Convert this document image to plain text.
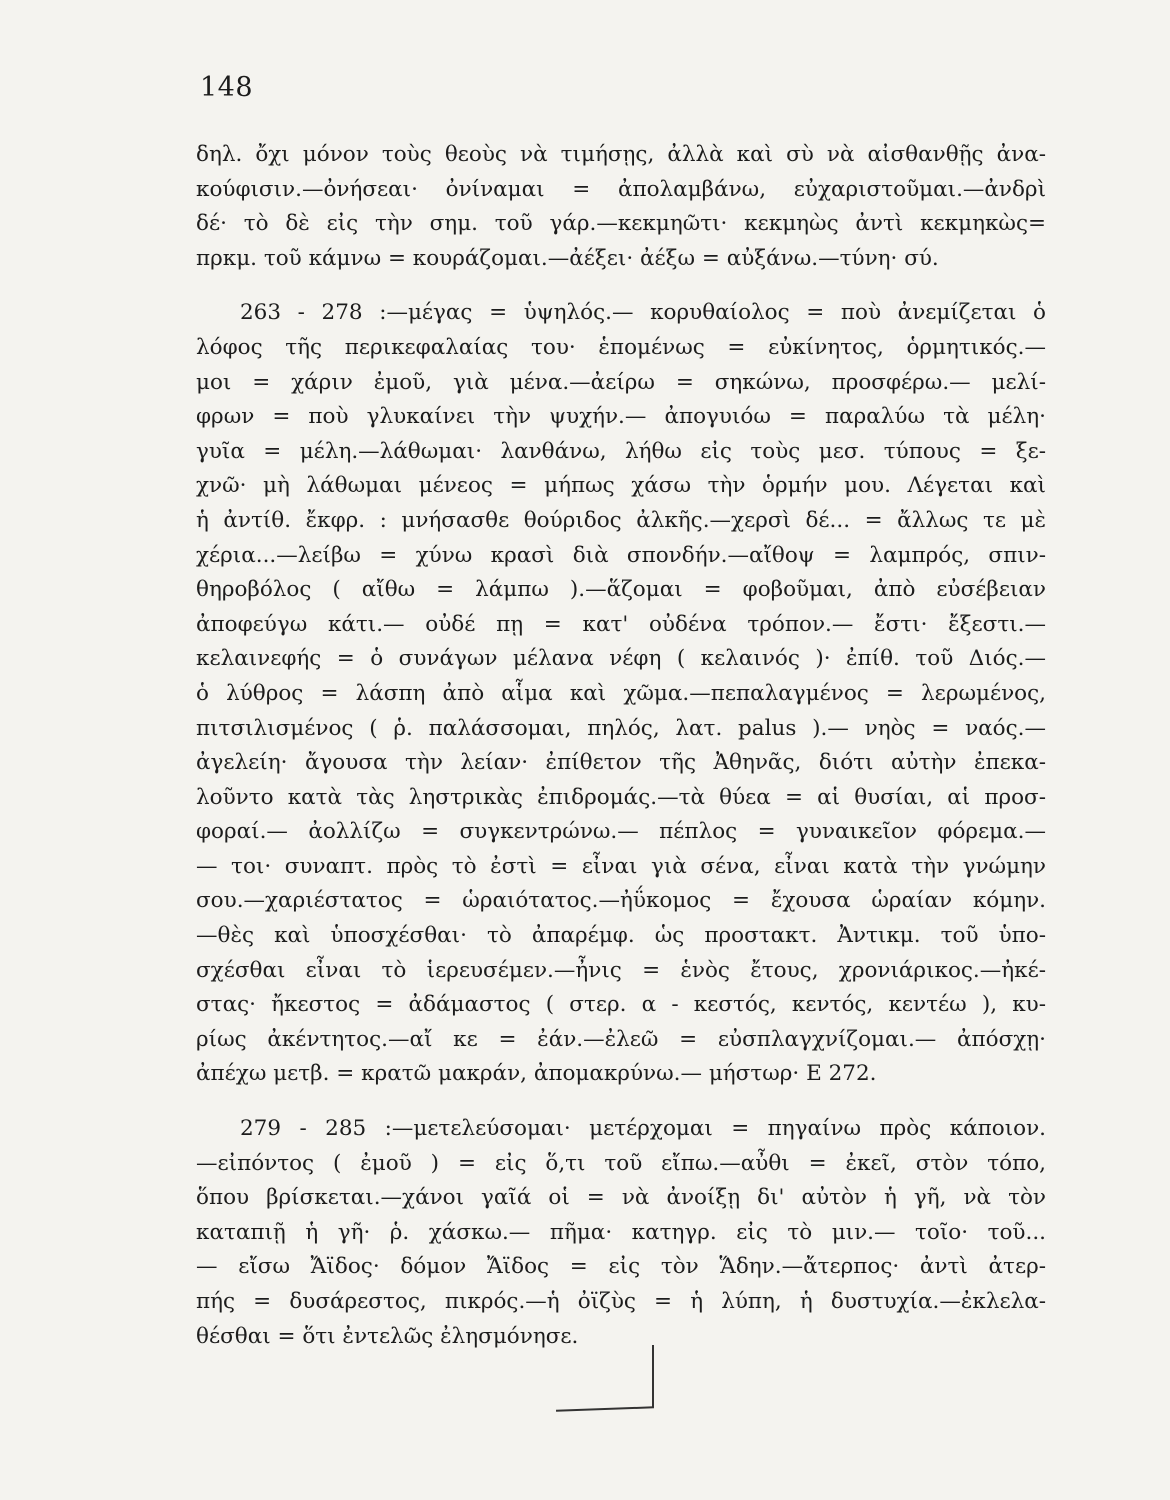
148
δηλ. ὄχι μόνον τοὺς θεοὺς νὰ τιμήσῃς, ἀλλὰ καὶ σὺ νὰ αἰσθανθῇς ἀνα-
κούφισιν.—ὀνήσεαι· ὀνίναμαι = ἀπολαμβάνω, εὐχαριστοῦμαι.—ἀνδρὶ
δέ· τὸ δὲ εἰς τὴν σημ. τοῦ γάρ.—κεκμηῶτι· κεκμηὼς ἀντὶ κεκμηκὼς=
πρκμ. τοῦ κάμνω = κουράζομαι.—ἀέξει· ἀέξω = αὐξάνω.—τύνη· σύ.
263 - 278 :—μέγας = ὑψηλός.— κορυθαίολος = ποὺ ἀνεμίζεται ὁ
λόφος τῆς περικεφαλαίας του· ἑπομένως = εὐκίνητος, ὁρμητικός.—
μοι = χάριν ἐμοῦ, γιὰ μένα.—ἀείρω = σηκώνω, προσφέρω.— μελί-
φρων = ποὺ γλυκαίνει τὴν ψυχήν.— ἀπογυιόω = παραλύω τὰ μέλη·
γυῖα = μέλη.—λάθωμαι· λανθάνω, λήθω εἰς τοὺς μεσ. τύπους = ξε-
χνῶ· μὴ λάθωμαι μένεος = μήπως χάσω τὴν ὁρμήν μου. Λέγεται καὶ
ἡ ἀντίθ. ἔκφρ. : μνήσασθε θούριδος ἀλκῆς.—χερσὶ δέ... = ἄλλως τε μὲ
χέρια...—λείβω = χύνω κρασὶ διὰ σπονδήν.—αἴθοψ = λαμπρός, σπιν-
θηροβόλος ( αἴθω = λάμπω ).—ἅζομαι = φοβοῦμαι, ἀπὸ εὐσέβειαν
ἀποφεύγω κάτι.— οὐδέ πῃ = κατ' οὐδένα τρόπον.— ἔστι· ἔξεστι.—
κελαινεφής = ὁ συνάγων μέλανα νέφη ( κελαινός )· ἐπίθ. τοῦ Διός.—
ὁ λύθρος = λάσπη ἀπὸ αἷμα καὶ χῶμα.—πεπαλαγμένος = λερωμένος,
πιτσιλισμένος ( ῥ. παλάσσομαι, πηλός, λατ. palus ).— νηὸς = ναός.—
ἀγελείη· ἄγουσα τὴν λείαν· ἐπίθετον τῆς Ἀθηνᾶς, διότι αὐτὴν ἐπεκα-
λοῦντο κατὰ τὰς ληστρικὰς ἐπιδρομάς.—τὰ θύεα = αἱ θυσίαι, αἱ προσ-
φοραί.— ἀολλίζω = συγκεντρώνω.— πέπλος = γυναικεῖον φόρεμα.—
— τοι· συναπτ. πρὸς τὸ ἐστὶ = εἶναι γιὰ σένα, εἶναι κατὰ τὴν γνώμην
σου.—χαριέστατος = ὡραιότατος.—ἠΰκομος = ἔχουσα ὡραίαν κόμην.
—θὲς καὶ ὑποσχέσθαι· τὸ ἀπαρέμφ. ὡς προστακτ. Ἀντικμ. τοῦ ὑπο-
σχέσθαι εἶναι τὸ ἱερευσέμεν.—ἦνις = ἑνὸς ἔτους, χρονιάρικος.—ἠκέ-
στας· ἤκεστος = ἀδάμαστος ( στερ. α - κεστός, κεντός, κεντέω ), κυ-
ρίως ἀκέντητος.—αἴ κε = ἐάν.—ἐλεῶ = εὐσπλαγχνίζομαι.— ἀπόσχῃ·
ἀπέχω μετβ. = κρατῶ μακράν, ἀπομακρύνω.— μήστωρ· Ε 272.
279 - 285 :—μετελεύσομαι· μετέρχομαι = πηγαίνω πρὸς κάποιον.
—εἰπόντος ( ἐμοῦ ) = εἰς ὅ,τι τοῦ εἴπω.—αὖθι = ἐκεῖ, στὸν τόπο,
ὅπου βρίσκεται.—χάνοι γαῖά οἱ = νὰ ἀνοίξῃ δι' αὐτὸν ἡ γῆ, νὰ τὸν
καταπιῇ ἡ γῆ· ῥ. χάσκω.— πῆμα· κατηγρ. εἰς τὸ μιν.— τοῖο· τοῦ...
— εἴσω Ἄϊδος· δόμον Ἄϊδος = εἰς τὸν Ἅδην.—ἄτερπος· ἀντὶ ἀτερ-
πής = δυσάρεστος, πικρός.—ἡ ὀϊζὺς = ἡ λύπη, ἡ δυστυχία.—ἐκλελα-
θέσθαι = ὅτι ἐντελῶς ἐλησμόνησε.
